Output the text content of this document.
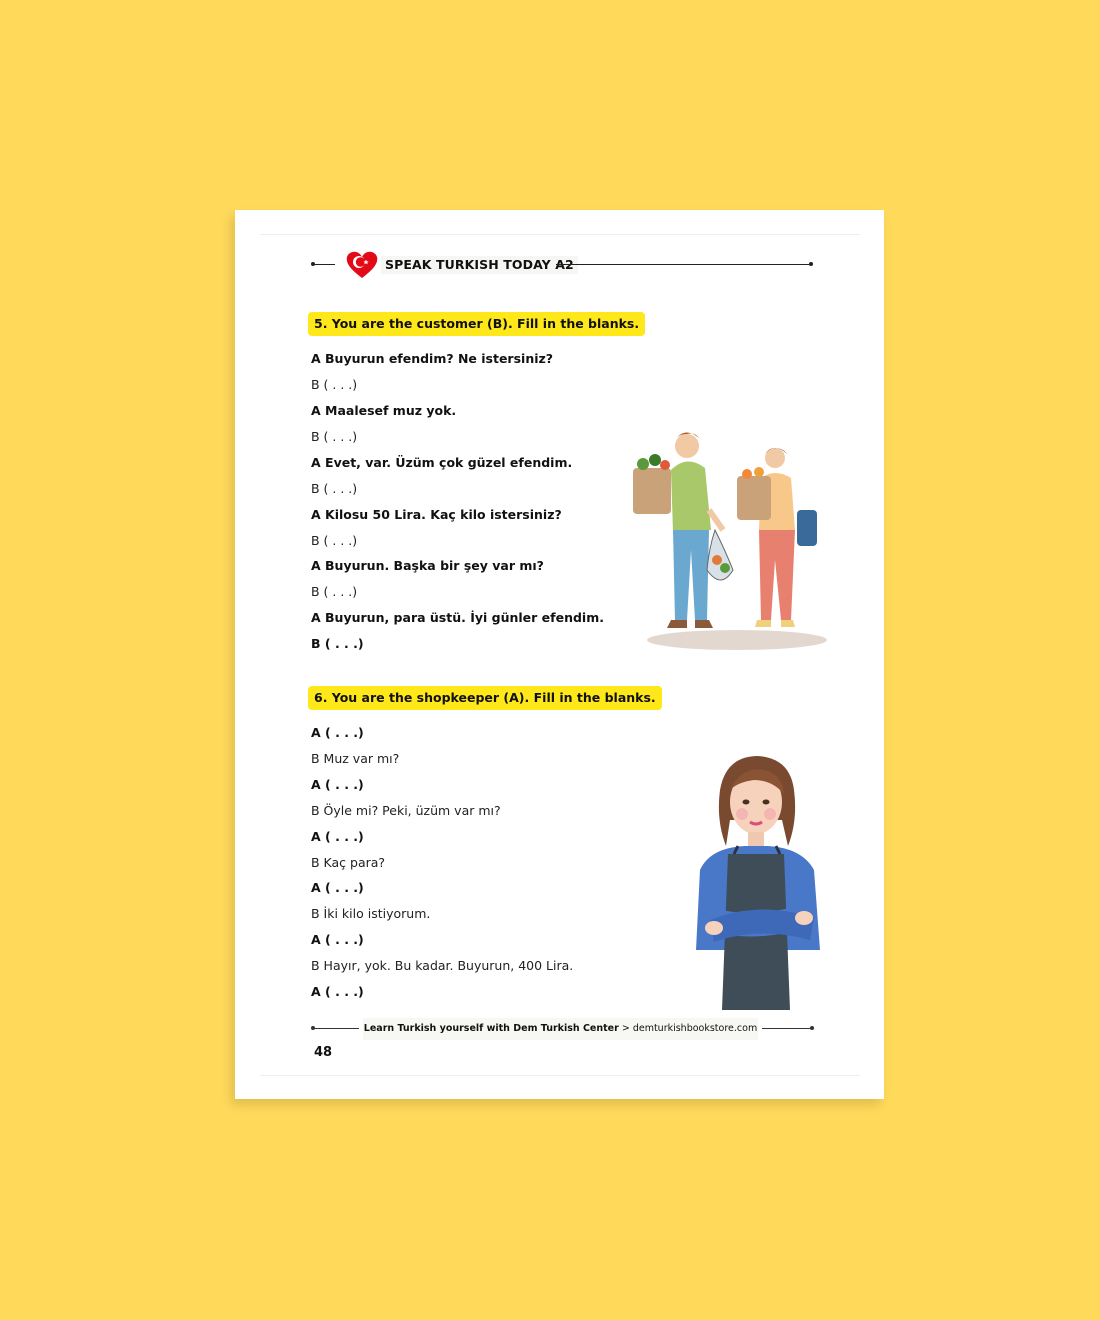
SPEAK TURKISH TODAY A2
5. You are the customer (B). Fill in the blanks.
A Buyurun efendim? Ne istersiniz?
B ( . . .)
A Maalesef muz yok.
B ( . . .)
A Evet, var. Üzüm çok güzel efendim.
B ( . . .)
A Kilosu 50 Lira. Kaç kilo istersiniz?
B ( . . .)
A Buyurun. Başka bir şey var mı?
B ( . . .)
A Buyurun, para üstü. İyi günler efendim.
B ( . . .)
6. You are the shopkeeper (A). Fill in the blanks.
A ( . . .)
B Muz var mı?
A ( . . .)
B Öyle mi? Peki, üzüm var mı?
A ( . . .)
B Kaç para?
A ( . . .)
B İki kilo istiyorum.
A ( . . .)
B Hayır, yok. Bu kadar. Buyurun, 400 Lira.
A ( . . .)
Learn Turkish yourself with Dem Turkish Center > demturkishbookstore.com
48
